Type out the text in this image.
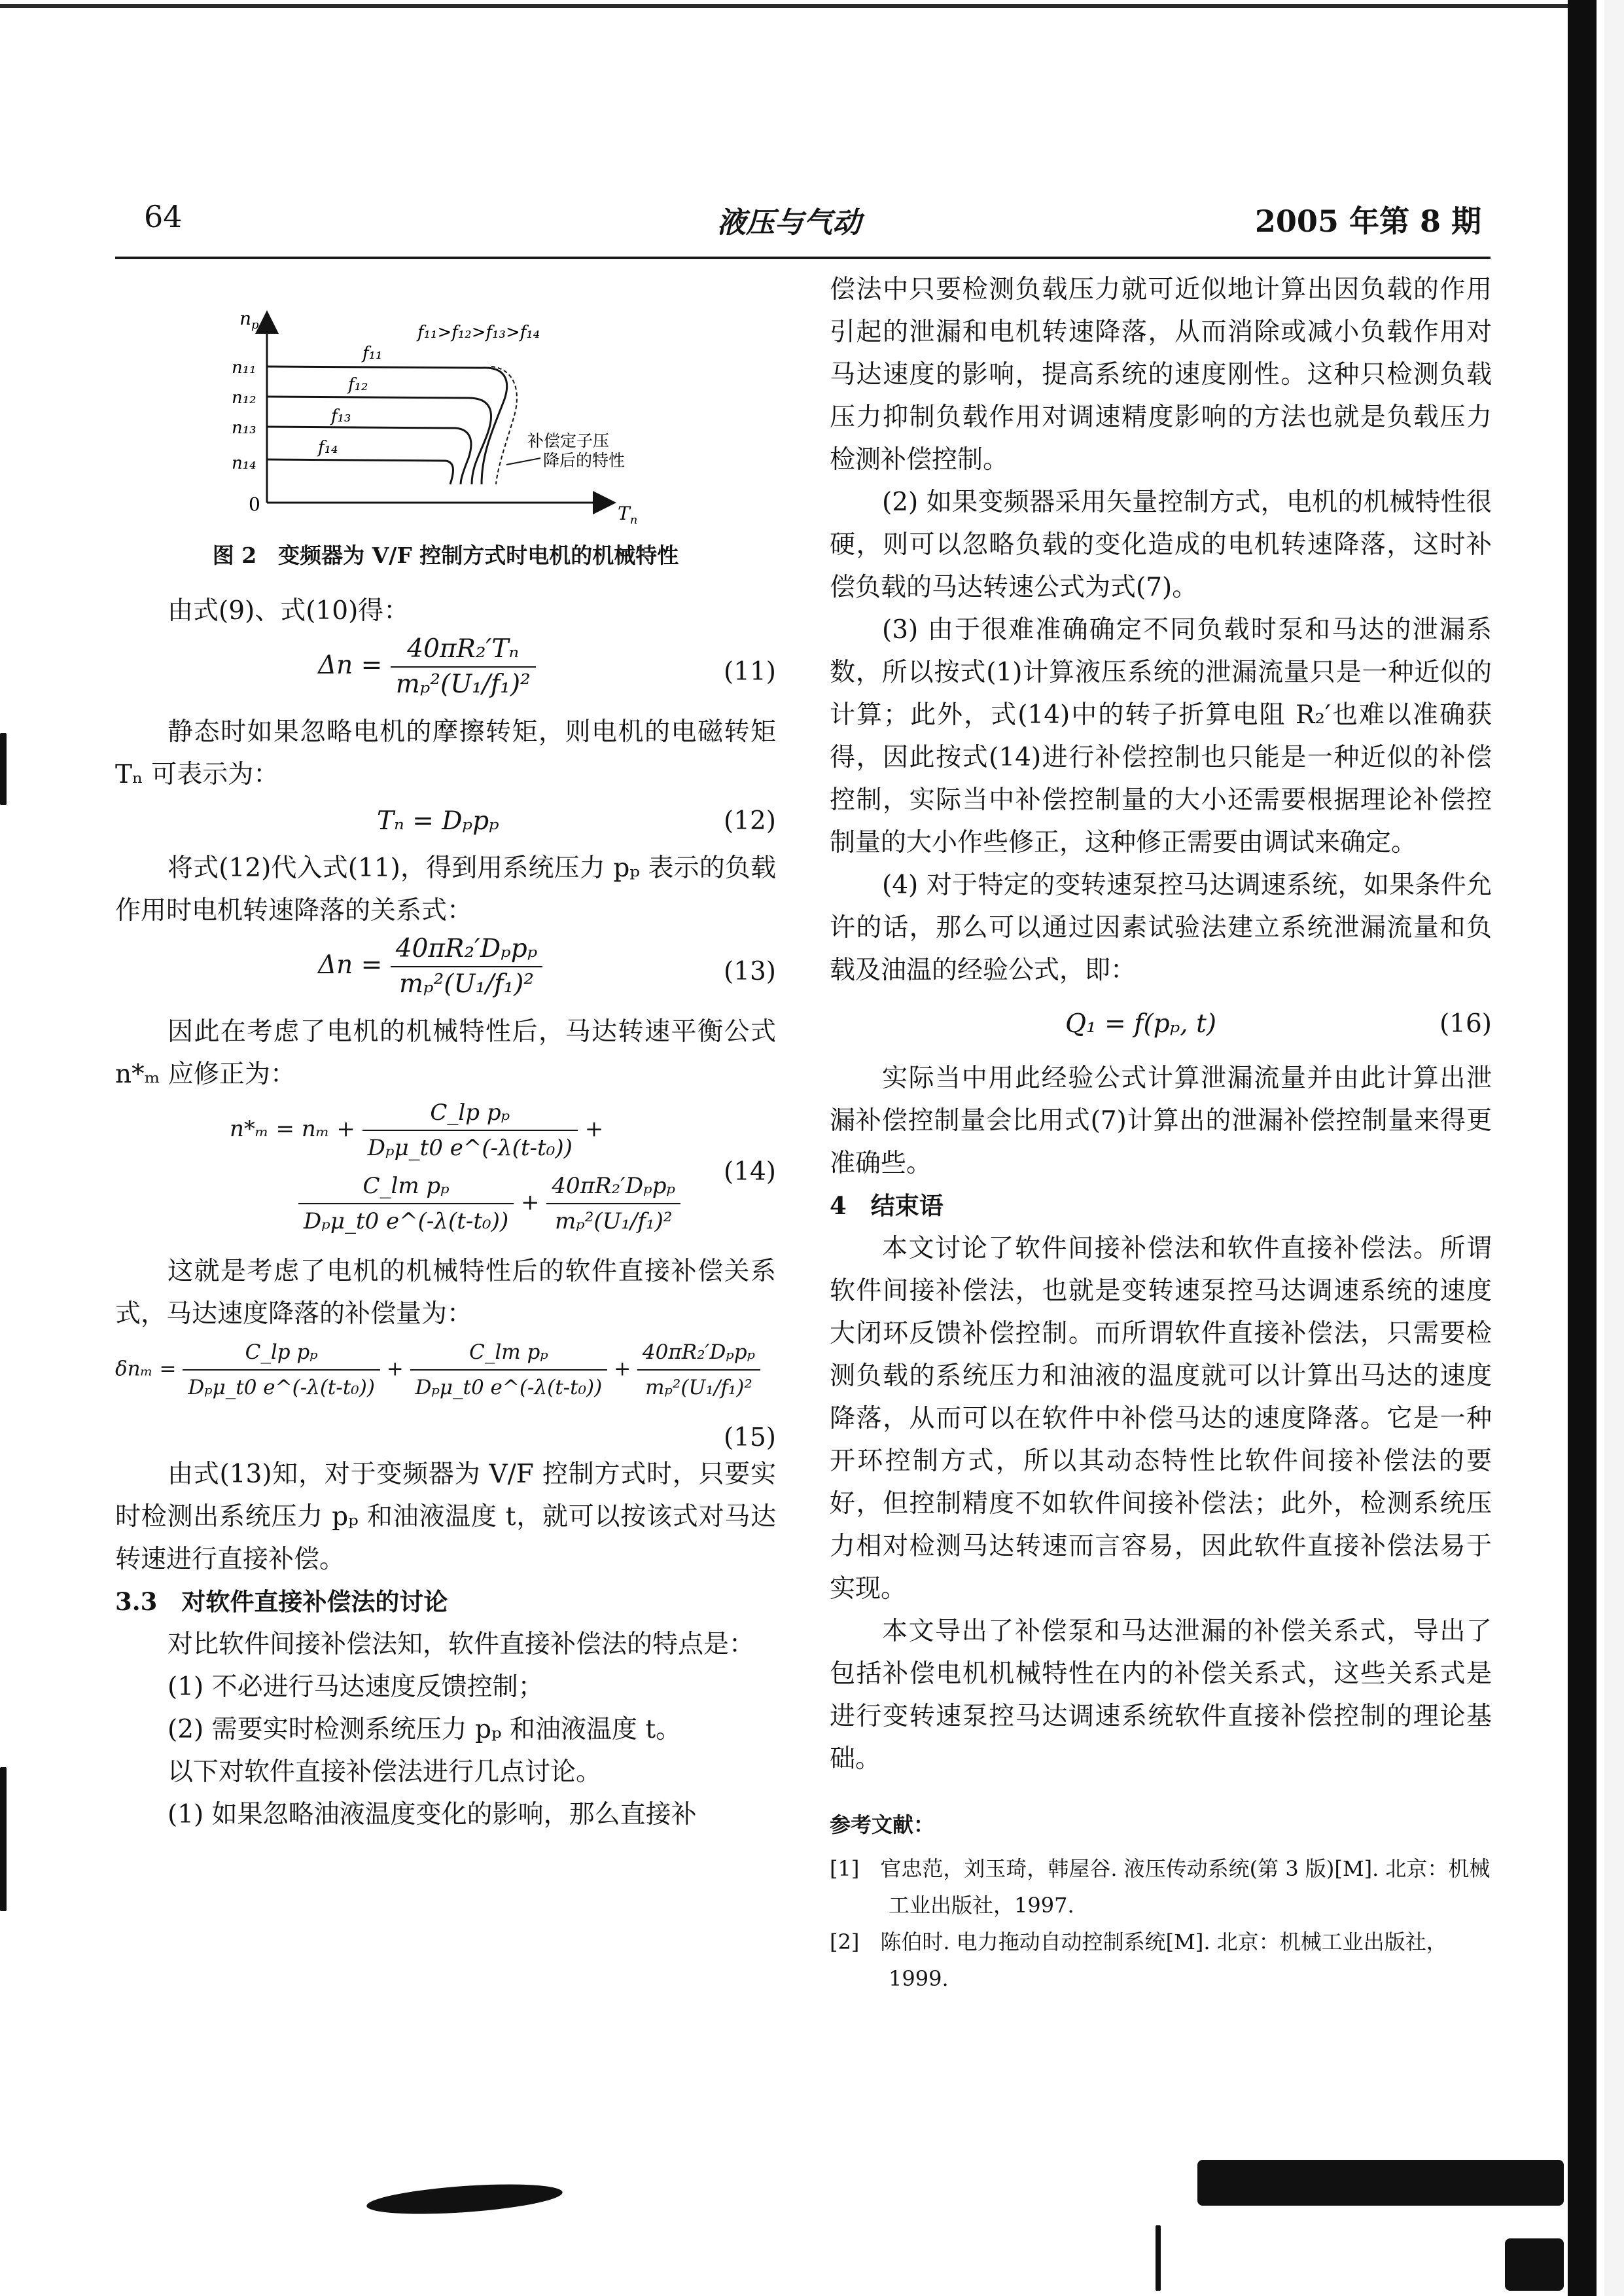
64	液压与气动	2005 年第 8 期
$n_p$
$T_n$
0
n₁₁
n₁₂
n₁₃
n₁₄
f₁₁
f₁₂
f₁₃
f₁₄
f₁₁>f₁₂>f₁₃>f₁₄
补偿定子压
降后的特性

图 2　变频器为 V/F 控制方式时电机的机械特性

由式(9)、式(10)得：

$\Delta n = \frac{\text{40πR₂′Tₙ}}{\text{mₚ²(U₁/f₁)²}}$	(11)

静态时如果忽略电机的摩擦转矩，则电机的电磁转矩 Tₙ 可表示为：

Tₙ = Dₚpₚ	(12)

将式(12)代入式(11)，得到用系统压力 pₚ 表示的负载作用时电机转速降落的关系式：

Δn =
40πR₂′Dₚpₚ
mₚ²(U₁/f₁)²	(13)

因此在考虑了电机的机械特性后，马达转速平衡公式 n*ₘ 应修正为：

n*ₘ = nₘ +
C_lp pₚ
Dₚμ_t0 e^(-λ(t-t₀))
+
C_lm pₚ
Dₚμ_t0 e^(-λ(t-t₀))
+
40πR₂′Dₚpₚ
mₚ²(U₁/f₁)²
(14)

这就是考虑了电机的机械特性后的软件直接补偿关系式，马达速度降落的补偿量为：

δnₘ =
C_lp pₚ
Dₚμ_t0 e^(-λ(t-t₀))
+
C_lm pₚ
Dₚμ_t0 e^(-λ(t-t₀))
+
40πR₂′Dₚpₚ
mₚ²(U₁/f₁)²
(15)

由式(13)知，对于变频器为 V/F 控制方式时，只要实时检测出系统压力 pₚ 和油液温度 t，就可以按该式对马达转速进行直接补偿。

3.3　对软件直接补偿法的讨论

对比软件间接补偿法知，软件直接补偿法的特点是：

(1) 不必进行马达速度反馈控制；

(2) 需要实时检测系统压力 pₚ 和油液温度 t。

以下对软件直接补偿法进行几点讨论。

(1) 如果忽略油液温度变化的影响，那么直接补

偿法中只要检测负载压力就可近似地计算出因负载的作用引起的泄漏和电机转速降落，从而消除或减小负载作用对马达速度的影响，提高系统的速度刚性。这种只检测负载压力抑制负载作用对调速精度影响的方法也就是负载压力检测补偿控制。

(2) 如果变频器采用矢量控制方式，电机的机械特性很硬，则可以忽略负载的变化造成的电机转速降落，这时补偿负载的马达转速公式为式(7)。

(3) 由于很难准确确定不同负载时泵和马达的泄漏系数，所以按式(1)计算液压系统的泄漏流量只是一种近似的计算；此外，式(14)中的转子折算电阻 R₂′也难以准确获得，因此按式(14)进行补偿控制也只能是一种近似的补偿控制，实际当中补偿控制量的大小还需要根据理论补偿控制量的大小作些修正，这种修正需要由调试来确定。

(4) 对于特定的变转速泵控马达调速系统，如果条件允许的话，那么可以通过因素试验法建立系统泄漏流量和负载及油温的经验公式，即：

Q₁ = f(pₚ, t)	(16)

实际当中用此经验公式计算泄漏流量并由此计算出泄漏补偿控制量会比用式(7)计算出的泄漏补偿控制量来得更准确些。

4　结束语

本文讨论了软件间接补偿法和软件直接补偿法。所谓软件间接补偿法，也就是变转速泵控马达调速系统的速度大闭环反馈补偿控制。而所谓软件直接补偿法，只需要检测负载的系统压力和油液的温度就可以计算出马达的速度降落，从而可以在软件中补偿马达的速度降落。它是一种开环控制方式，所以其动态特性比软件间接补偿法的要好，但控制精度不如软件间接补偿法；此外，检测系统压力相对检测马达转速而言容易，因此软件直接补偿法易于实现。

本文导出了补偿泵和马达泄漏的补偿关系式，导出了包括补偿电机机械特性在内的补偿关系式，这些关系式是进行变转速泵控马达调速系统软件直接补偿控制的理论基础。

参考文献：

[1]　官忠范，刘玉琦，韩屋谷. 液压传动系统(第 3 版)[M]. 北京：机械工业出版社，1997.

[2]　陈伯时. 电力拖动自动控制系统[M]. 北京：机械工业出版社，1999.
